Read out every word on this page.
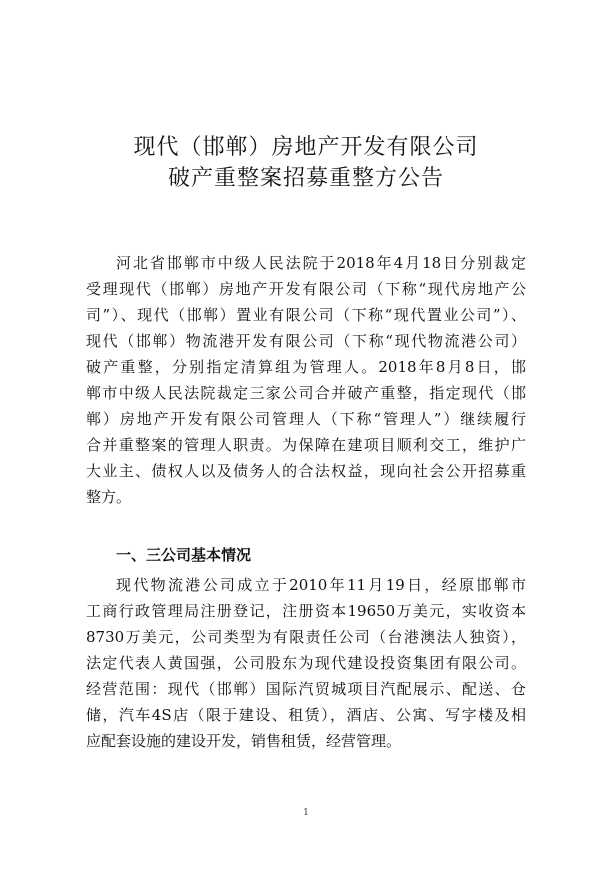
现代（邯郸）房地产开发有限公司
破产重整案招募重整方公告
河北省邯郸市中级人民法院于2018年4月18日分别裁定
受理现代（邯郸）房地产开发有限公司（下称“现代房地产公
司”）、现代（邯郸）置业有限公司（下称“现代置业公司”）、
现代（邯郸）物流港开发有限公司（下称“现代物流港公司）
破产重整，分别指定清算组为管理人。2018年8月8日，邯
郸市中级人民法院裁定三家公司合并破产重整，指定现代（邯
郸）房地产开发有限公司管理人（下称“管理人”）继续履行
合并重整案的管理人职责。为保障在建项目顺利交工，维护广
大业主、债权人以及债务人的合法权益，现向社会公开招募重
整方。
一、三公司基本情况
现代物流港公司成立于2010年11月19日，经原邯郸市
工商行政管理局注册登记，注册资本19650万美元，实收资本
8730万美元，公司类型为有限责任公司（台港澳法人独资），
法定代表人黄国强，公司股东为现代建设投资集团有限公司。
经营范围：现代（邯郸）国际汽贸城项目汽配展示、配送、仓
储，汽车4S店（限于建设、租赁），酒店、公寓、写字楼及相
应配套设施的建设开发，销售租赁，经营管理。
1
